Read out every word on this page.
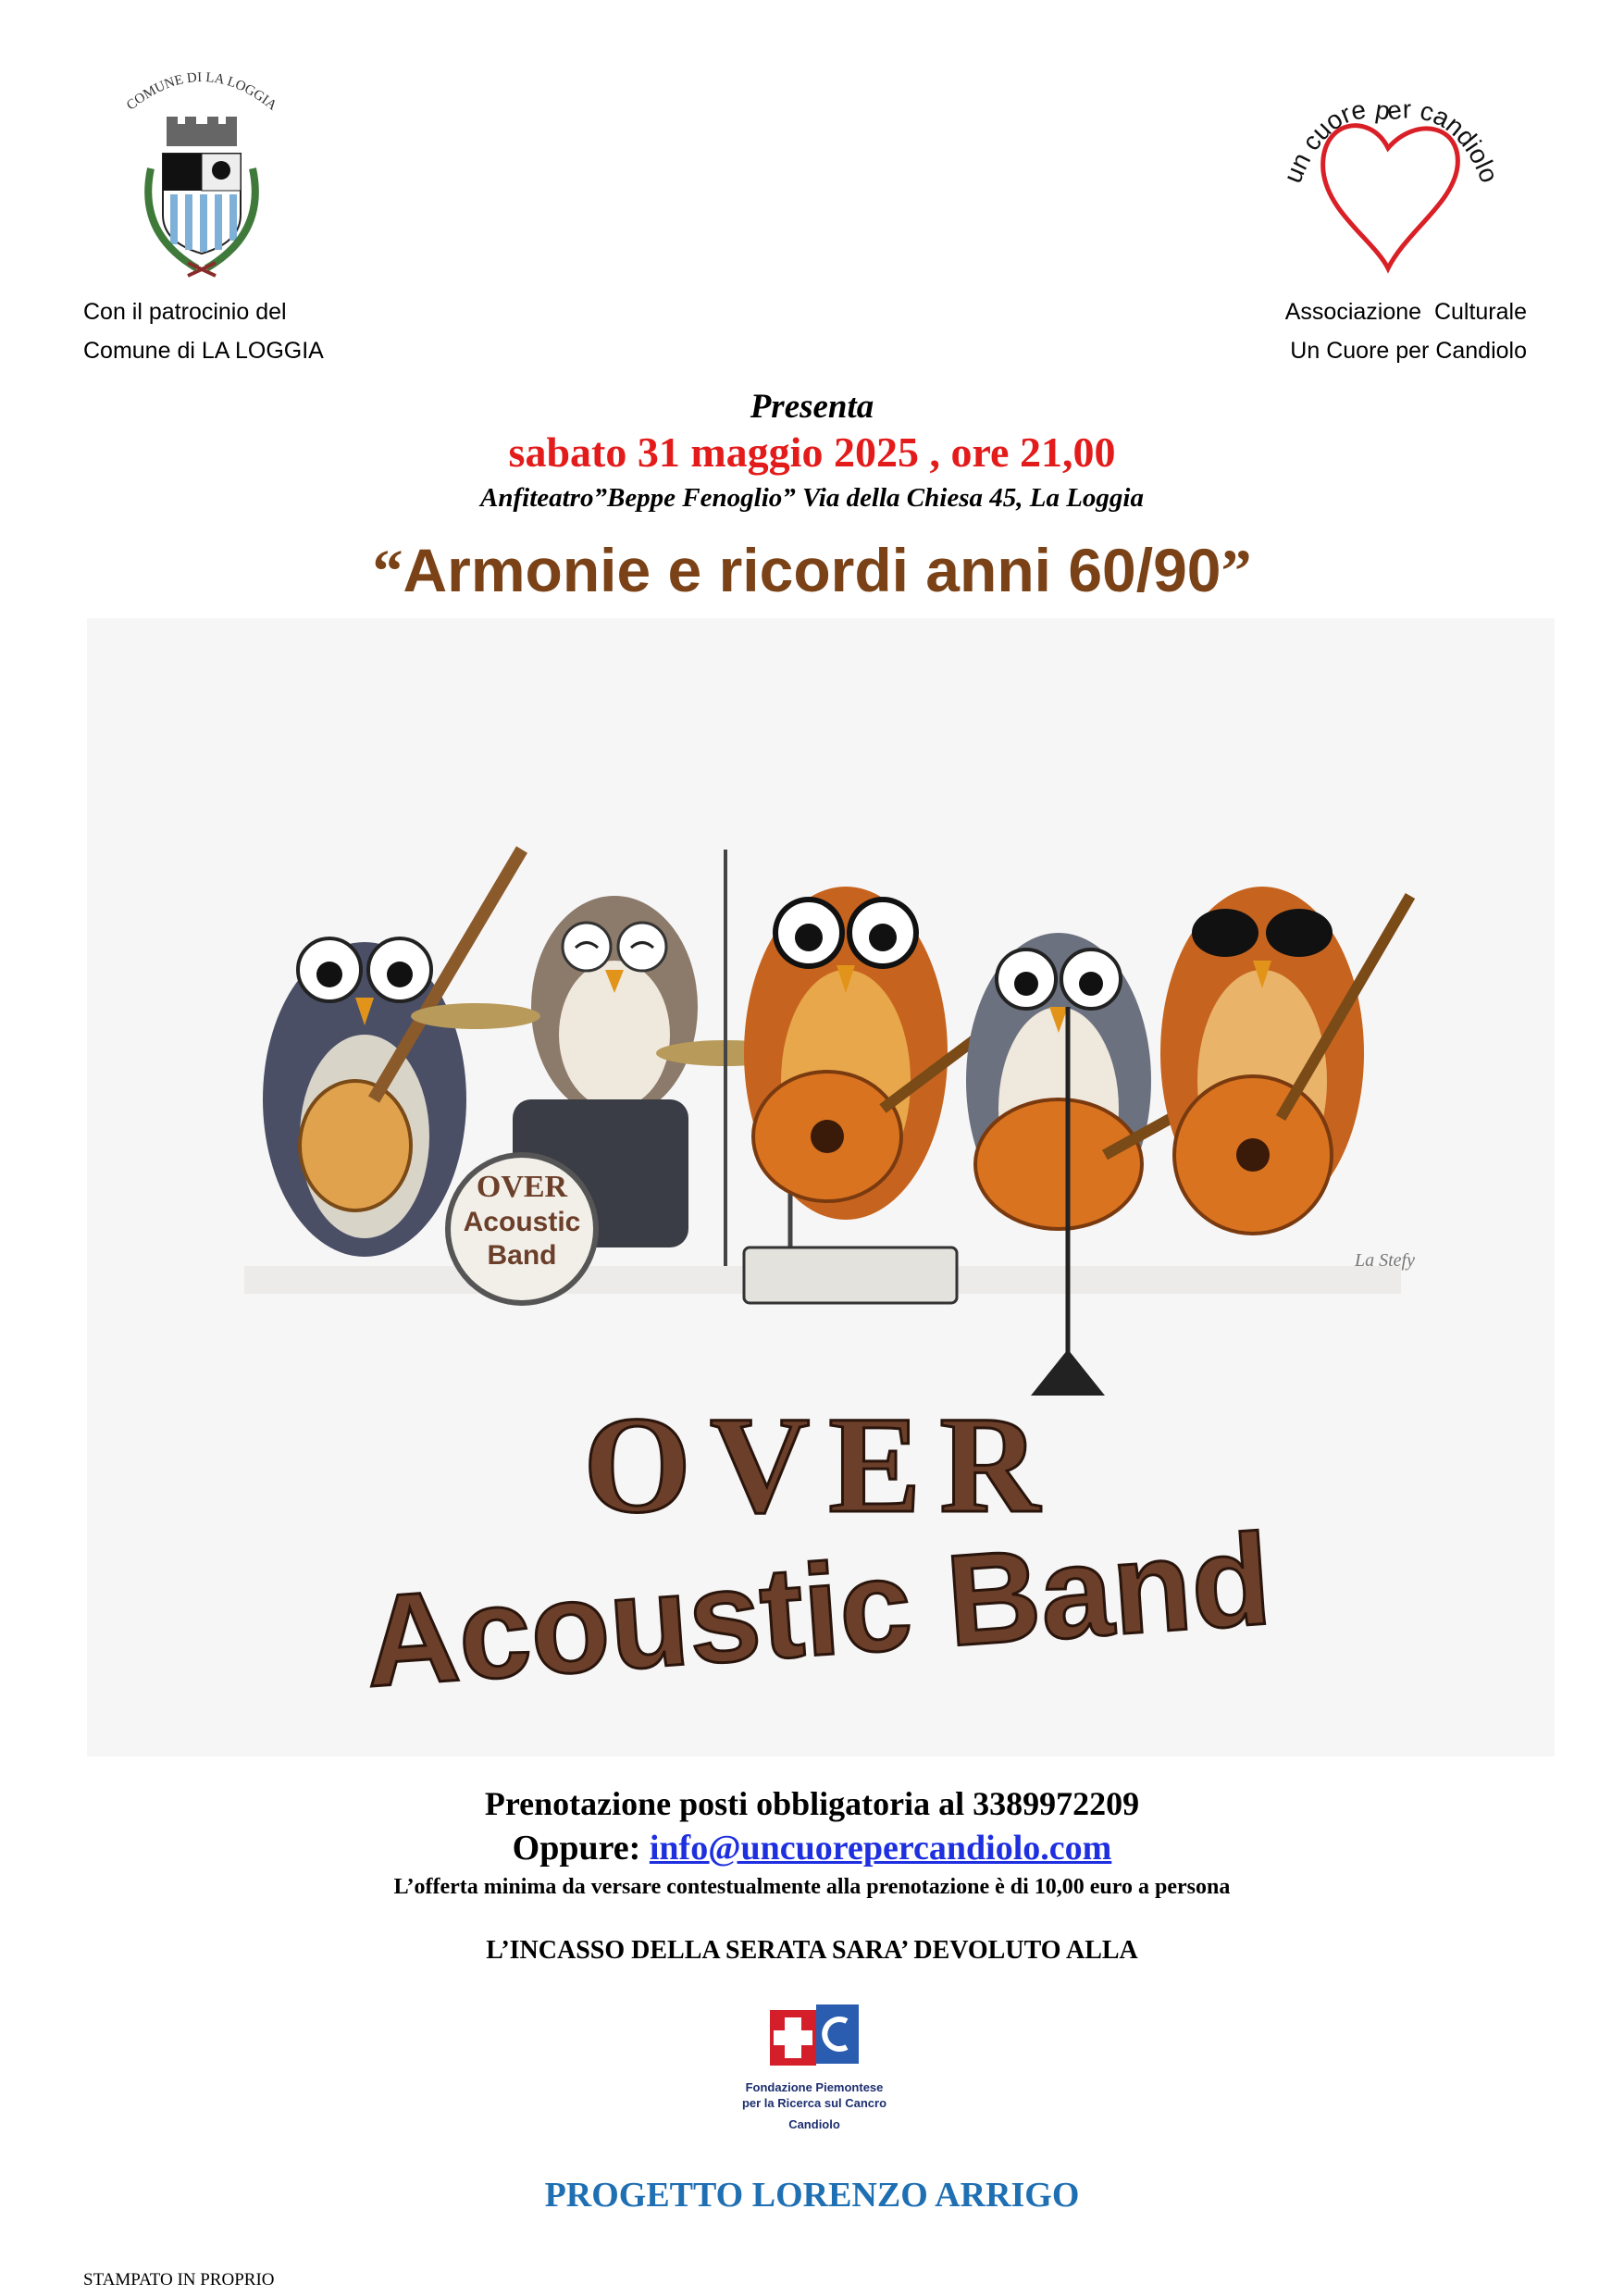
COMUNE DI LA LOGGIA
un cuore per candiolo
Con il patrocinio del
Comune di LA LOGGIA
Associazione  Culturale
Un Cuore per Candiolo
Presenta
sabato 31 maggio 2025 , ore 21,00
Anfiteatro”Beppe Fenoglio” Via della Chiesa 45, La Loggia
“Armonie e ricordi anni 60/90”
OVER
Acoustic
Band	La Stefy
OVER
Acoustic Band
Prenotazione posti obbligatoria al 3389972209
Oppure: info@uncuorepercandiolo.com
L’offerta minima da versare contestualmente alla prenotazione è di 10,00 euro a persona
L’INCASSO DELLA SERATA SARA’ DEVOLUTO ALLA
Fondazione Piemontese
per la Ricerca sul Cancro
Candiolo
PROGETTO LORENZO ARRIGO
STAMPATO IN PROPRIO
